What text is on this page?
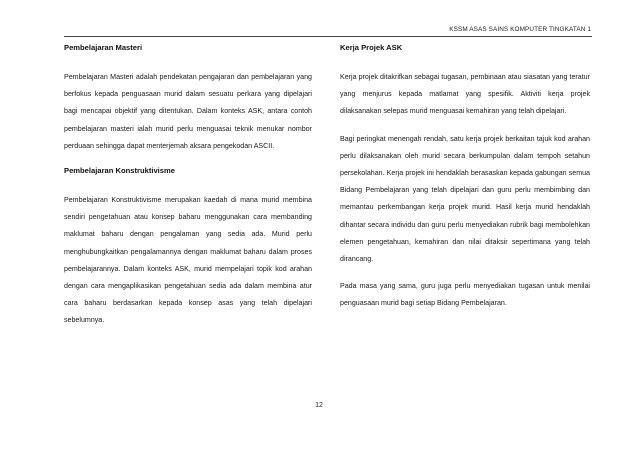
KSSM ASAS SAINS KOMPUTER TINGKATAN 1
Pembelajaran Masteri

Pembelajaran Masteri adalah pendekatan pengajaran dan pembelajaran yang berfokus kepada penguasaan murid dalam sesuatu perkara yang dipelajari bagi mencapai objektif yang ditentukan. Dalam konteks ASK, antara contoh pembelajaran masteri ialah murid perlu menguasai teknik menukar nombor perduaan sehingga dapat menterjemah aksara pengekodan ASCII.

Pembelajaran Konstruktivisme

Pembelajaran Konstruktivisme merupakan kaedah di mana murid membina sendiri pengetahuan atau konsep baharu menggunakan cara membanding maklumat baharu dengan pengalaman yang sedia ada. Murid perlu menghubungkaitkan pengalamannya dengan maklumat baharu dalam proses pembelajarannya. Dalam konteks ASK, murid mempelajari topik kod arahan dengan cara mengaplikasikan pengetahuan sedia ada dalam membina atur cara baharu berdasarkan kepada konsep asas yang telah dipelajari sebelumnya.

Kerja Projek ASK

Kerja projek ditakrifkan sebagai tugasan, pembinaan atau siasatan yang teratur yang menjurus kepada matlamat yang spesifik. Aktiviti kerja projek dilaksanakan selepas murid menguasai kemahiran yang telah dipelajari.

Bagi peringkat menengah rendah, satu kerja projek berkaitan tajuk kod arahan perlu dilaksanakan oleh murid secara berkumpulan dalam tempoh setahun persekolahan. Kerja projek ini hendaklah berasaskan kepada gabungan semua Bidang Pembelajaran yang telah dipelajari dan guru perlu membimbing dan memantau perkembangan kerja projek murid. Hasil kerja murid hendaklah dihantar secara individu dan guru perlu menyediakan rubrik bagi membolehkan elemen pengetahuan, kemahiran dan nilai ditaksir sepertimana yang telah dirancang.

Pada masa yang sama, guru juga perlu menyediakan tugasan untuk menilai penguasaan murid bagi setiap Bidang Pembelajaran.

12
